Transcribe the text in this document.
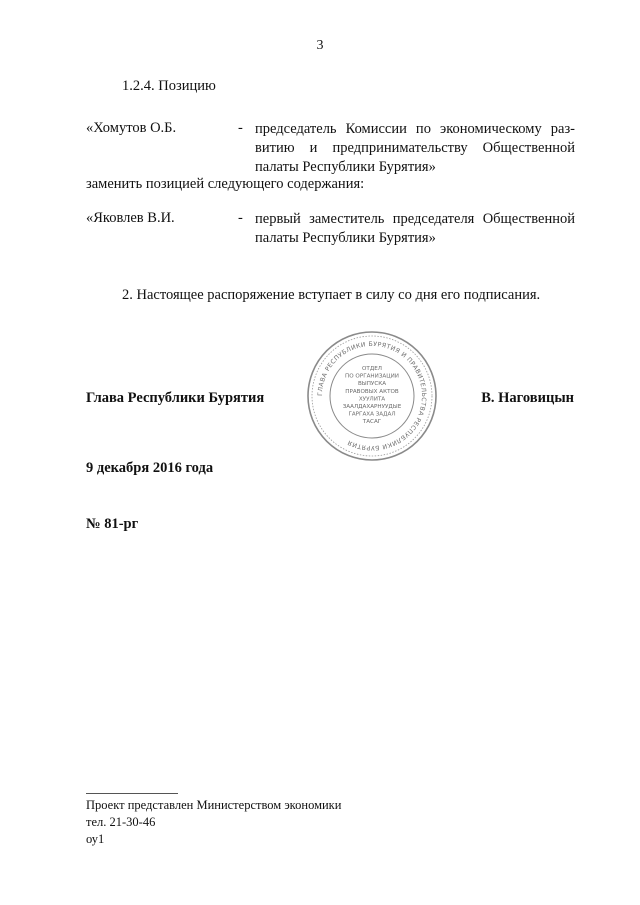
3
1.2.4. Позицию
«Хомутов О.Б.	- председатель Комиссии по экономическому раз-
витию и предпринимательству Общественной
палаты Республики Бурятия»
заменить позицией следующего содержания:
«Яковлев В.И.	- первый заместитель председателя Общественной
палаты Республики Бурятия»
2. Настоящее распоряжение вступает в силу со дня его подписания.
ГЛАВА РЕСПУБЛИКИ БУРЯТИЯ И ПРАВИТЕЛЬСТВА РЕСПУБЛИКИ БУРЯТИЯ
ОТДЕЛ
ПО ОРГАНИЗАЦИИ
ВЫПУСКА
ПРАВОВЫХ АКТОВ
ХУУЛИТА
ЗААЛДАХАРНУУДЫЕ
ГАРГАХА ЗАДАЛ
ТАСАГ
Глава Республики Бурятия	В. Наговицын
9 декабря 2016 года
№ 81-рг
Проект представлен Министерством экономики
тел. 21-30-46
оу1
